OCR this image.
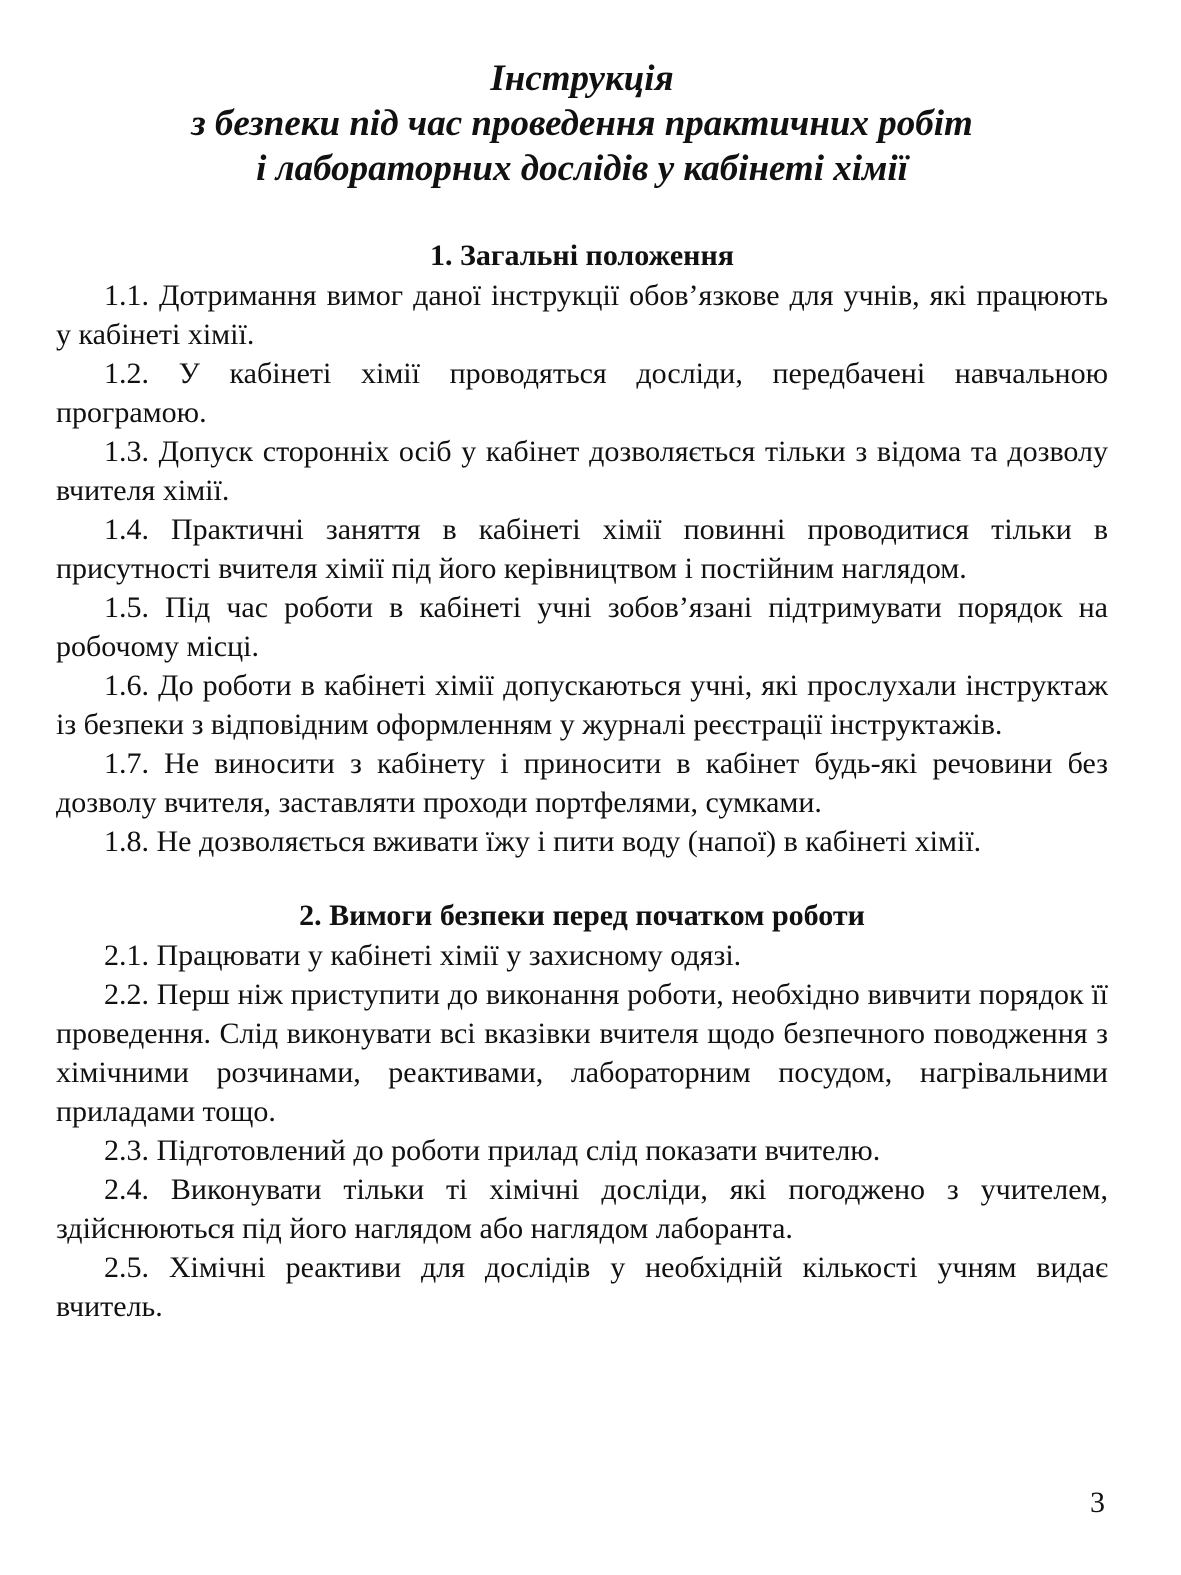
Інструкція
з безпеки під час проведення практичних робіт
і лабораторних дослідів у кабінеті хімії

1. Загальні положення

1.1. Дотримання вимог даної інструкції обов’язкове для учнів, які працюють у кабінеті хімії.

1.2. У кабінеті хімії проводяться досліди, передбачені навчальною програмою.

1.3. Допуск сторонніх осіб у кабінет дозволяється тільки з відома та дозволу вчителя хімії.

1.4. Практичні заняття в кабінеті хімії повинні проводитися тільки в присутності вчителя хімії під його керівництвом і постійним наглядом.

1.5. Під час роботи в кабінеті учні зобов’язані підтримувати порядок на робочому місці.

1.6. До роботи в кабінеті хімії допускаються учні, які прослухали інструктаж із безпеки з відповідним оформленням у журналі реєстрації інструктажів.

1.7. Не виносити з кабінету і приносити в кабінет будь-які речовини без дозволу вчителя, заставляти проходи портфелями, сумками.

1.8. Не дозволяється вживати їжу і пити воду (напої) в кабінеті хімії.

2. Вимоги безпеки перед початком роботи

2.1. Працювати у кабінеті хімії у захисному одязі.

2.2. Перш ніж приступити до виконання роботи, необхідно вивчити порядок її проведення. Слід виконувати всі вказівки вчителя щодо безпечного поводження з хімічними розчинами, реактивами, лабораторним посудом, нагрівальними приладами тощо.

2.3. Підготовлений до роботи прилад слід показати вчителю.

2.4. Виконувати тільки ті хімічні досліди, які погоджено з учителем, здійснюються під його наглядом або наглядом лаборанта.

2.5. Хімічні реактиви для дослідів у необхідній кількості учням видає вчитель.

3
